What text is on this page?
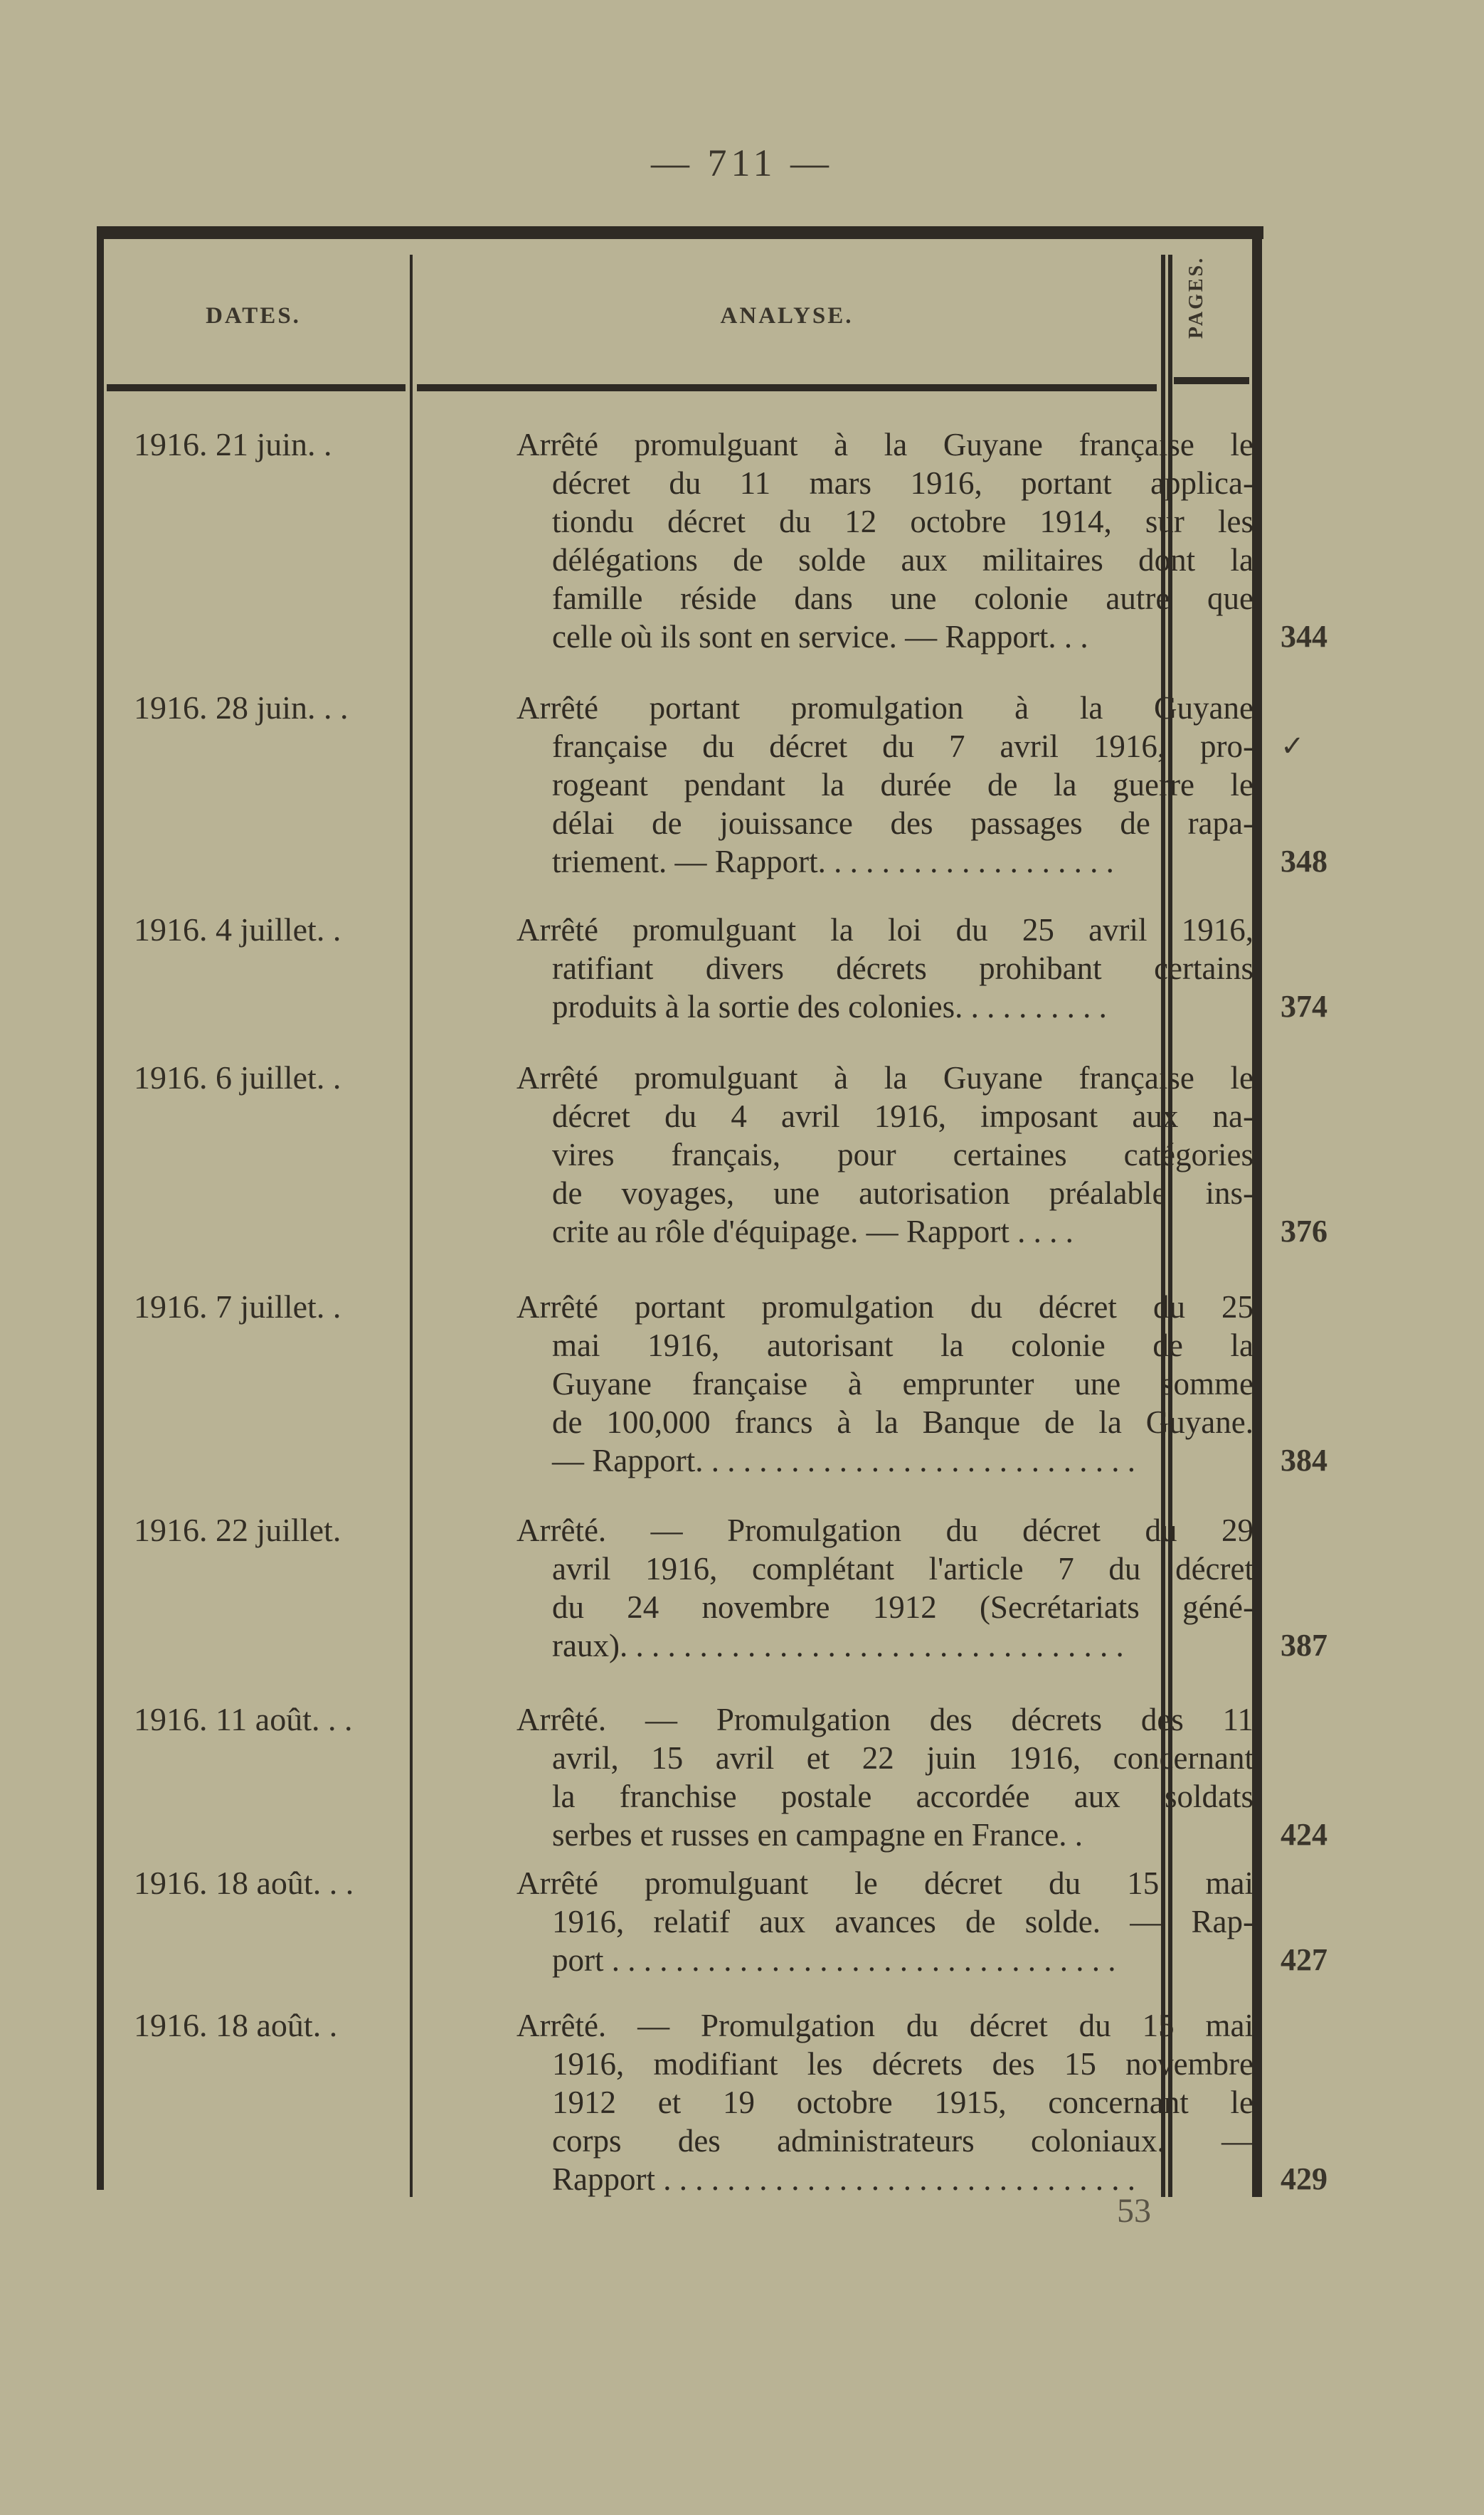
— 711 —
DATES.	ANALYSE.	PAGES.
1916. 21 juin. .	Arrêté promulguant à la Guyane française le
décret du 11 mars 1916, portant applica-
tiondu décret du 12 octobre 1914, sur les
délégations de solde aux militaires dont la
famille réside dans une colonie autre que
celle où ils sont en service. — Rapport. . .	344
1916. 28 juin. . .	Arrêté portant promulgation à la Guyane
française du décret du 7 avril 1916, pro-
rogeant pendant la durée de la guerre le
délai de jouissance des passages de rapa-
triement. — Rapport. . . . . . . . . . . . . . . . . . .	348
✓
1916. 4 juillet. .	Arrêté promulguant la loi du 25 avril 1916,
ratifiant divers décrets prohibant certains
produits à la sortie des colonies. . . . . . . . . .	374
1916. 6 juillet. .	Arrêté promulguant à la Guyane française le
décret du 4 avril 1916, imposant aux na-
vires français, pour certaines catégories
de voyages, une autorisation préalable ins-
crite au rôle d'équipage. — Rapport . . . .	376
1916. 7 juillet. .	Arrêté portant promulgation du décret du 25
mai 1916, autorisant la colonie de la
Guyane française à emprunter une somme
de 100,000 francs à la Banque de la Guyane.
— Rapport. . . . . . . . . . . . . . . . . . . . . . . . . . . .	384
1916. 22 juillet.	Arrêté. — Promulgation du décret du 29
avril 1916, complétant l'article 7 du décret
du 24 novembre 1912 (Secrétariats géné-
raux). . . . . . . . . . . . . . . . . . . . . . . . . . . . . . . .	387
1916. 11 août. . .	Arrêté. — Promulgation des décrets des 11
avril, 15 avril et 22 juin 1916, concernant
la franchise postale accordée aux soldats
serbes et russes en campagne en France. .	424
1916. 18 août. . .	Arrêté promulguant le décret du 15 mai
1916, relatif aux avances de solde. — Rap-
port . . . . . . . . . . . . . . . . . . . . . . . . . . . . . . . .	427
1916. 18 août. .	Arrêté. — Promulgation du décret du 15 mai
1916, modifiant les décrets des 15 novembre
1912 et 19 octobre 1915, concernant le
corps des administrateurs coloniaux. —
Rapport . . . . . . . . . . . . . . . . . . . . . . . . . . . . . .	429
53
